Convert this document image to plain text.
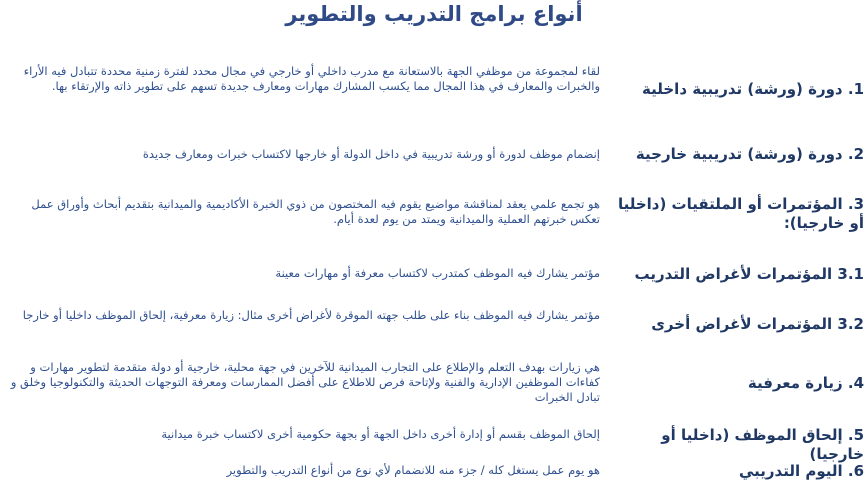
أنواع برامج التدريب والتطوير
1. دورة (ورشة) تدريبية داخلية
لقاء لمجموعة من موظفي الجهة بالاستعانة مع مدرب داخلي أو خارجي في مجال محدد لفترة زمنية محددة تتبادل فيه الأراء والخبرات والمعارف في هذا المجال مما يكسب المشارك مهارات ومعارف جديدة تسهم على تطوير ذاته والإرتقاء بها.
2. دورة (ورشة) تدريبية خارجية
إنضمام موظف لدورة أو ورشة تدريبية في داخل الدولة أو خارجها لاكتساب خبرات ومعارف جديدة
3. المؤتمرات أو الملتقيات (داخليا أو خارجيا):
هو تجمع علمي يعقد لمناقشة مواضيع يقوم فيه المختصون من ذوي الخبرة الأكاديمية والميدانية بتقديم أبحاث وأوراق عمل تعكس خبرتهم العملية والميدانية ويمتد من يوم لعدة أيام.
3.1 المؤتمرات لأغراض التدريب
مؤتمر يشارك فيه الموظف كمتدرب لاكتساب معرفة أو مهارات معينة
3.2 المؤتمرات لأغراض أخرى
مؤتمر يشارك فيه الموظف بناء على طلب جهته الموقرة لأغراض أخرى مثال: زيارة معرفية، إلحاق الموظف داخليا أو خارجا
4. زيارة معرفية
هي زيارات بهدف التعلم والإطلاع على التجارب الميدانية للآخرين في جهة محلية، خارجية أو دولة متقدمة لتطوير مهارات و كفاءات الموظفين الإدارية والفنية ولإتاحة فرص للاطلاع على أفضل الممارسات ومعرفة التوجهات الحديثة والتكنولوجيا وخلق و تبادل الخبرات
5. إلحاق الموظف (داخليا أو خارجيا)
إلحاق الموظف بقسم أو إدارة أخرى داخل الجهة أو بجهة حكومية أخرى لاكتساب خبرة ميدانية
6. اليوم التدريبي
هو يوم عمل يستغل كله / جزء منه للانضمام لأي نوع من أنواع التدريب والتطوير
